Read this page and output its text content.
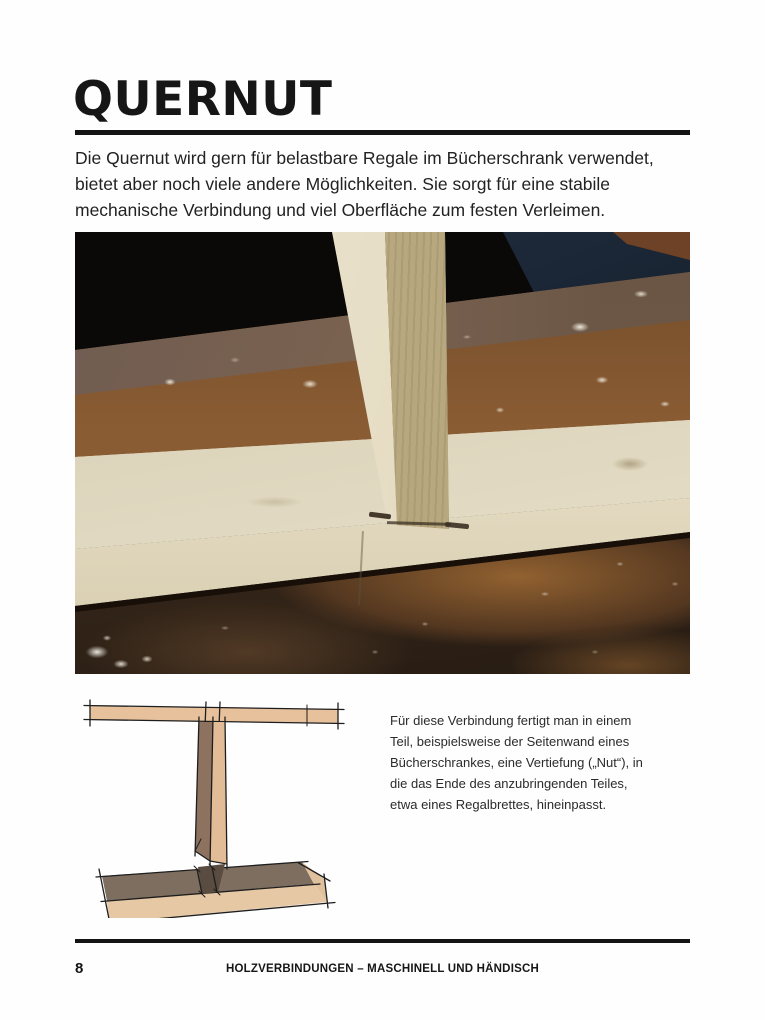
QUERNUT

Die Quernut wird gern für belastbare Regale im Bücherschrank verwendet, bietet aber noch viele andere Möglichkeiten. Sie sorgt für eine stabile mechanische Verbindung und viel Oberfläche zum festen Verleimen.

Für diese Verbindung fertigt man in einem Teil, beispielsweise der Seitenwand eines Bücherschrankes, eine Vertiefung („Nut“), in die das Ende des anzubringenden Teiles, etwa eines Regalbrettes, hineinpasst.

8	HOLZVERBINDUNGEN – MASCHINELL UND HÄNDISCH
